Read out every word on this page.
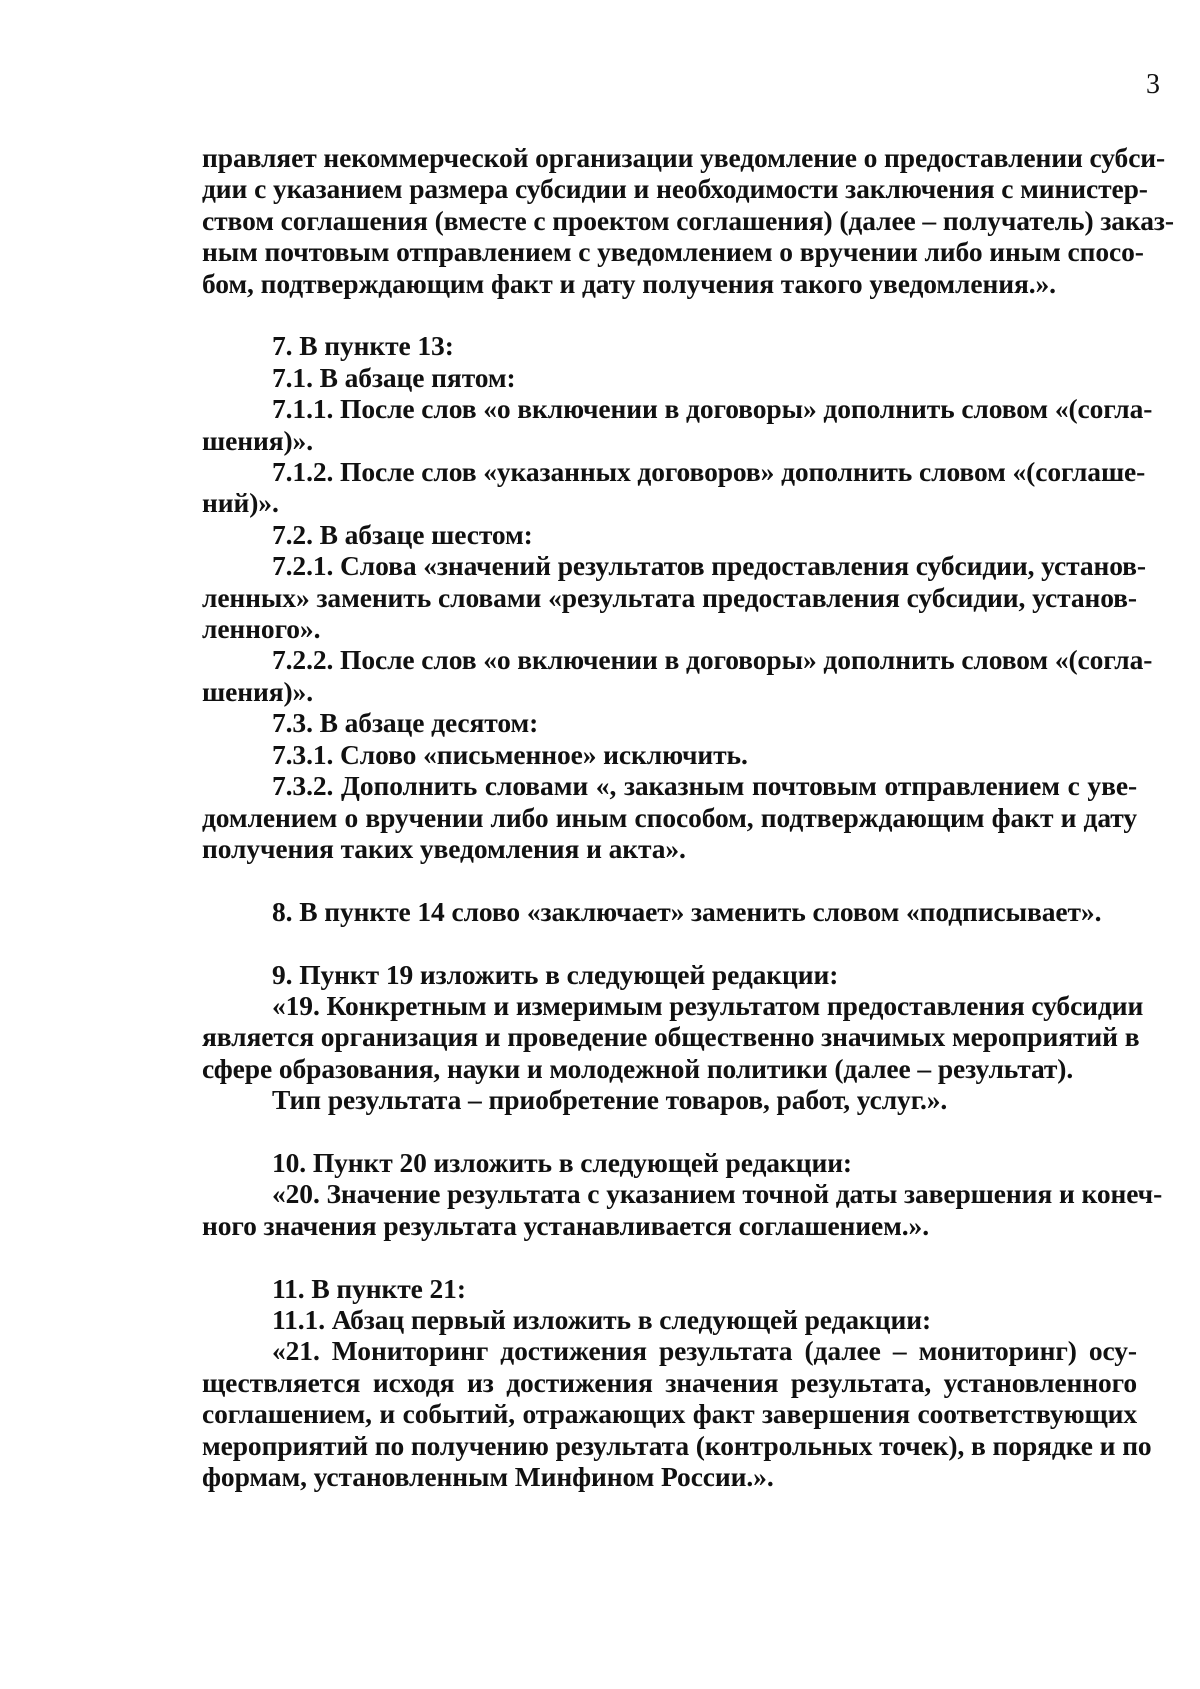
3
правляет некоммерческой организации уведомление о предоставлении субси-
дии с указанием размера субсидии и необходимости заключения с министер-
ством соглашения (вместе с проектом соглашения) (далее – получатель) заказ-
ным почтовым отправлением с уведомлением о вручении либо иным спосо-
бом, подтверждающим факт и дату получения такого уведомления.».
7. В пункте 13:
7.1. В абзаце пятом:
7.1.1. После слов «о включении в договоры» дополнить словом «(согла-
шения)».
7.1.2. После слов «указанных договоров» дополнить словом «(соглаше-
ний)».
7.2. В абзаце шестом:
7.2.1. Слова «значений результатов предоставления субсидии, установ-
ленных» заменить словами «результата предоставления субсидии, установ-
ленного».
7.2.2. После слов «о включении в договоры» дополнить словом «(согла-
шения)».
7.3. В абзаце десятом:
7.3.1. Слово «письменное» исключить.
7.3.2. Дополнить словами «, заказным почтовым отправлением с уве-
домлением о вручении либо иным способом, подтверждающим факт и дату
получения таких уведомления и акта».
8. В пункте 14 слово «заключает» заменить словом «подписывает».
9. Пункт 19 изложить в следующей редакции:
«19. Конкретным и измеримым результатом предоставления субсидии
является организация и проведение общественно значимых мероприятий в
сфере образования, науки и молодежной политики (далее – результат).
Тип результата – приобретение товаров, работ, услуг.».
10. Пункт 20 изложить в следующей редакции:
«20. Значение результата с указанием точной даты завершения и конеч-
ного значения результата устанавливается соглашением.».
11. В пункте 21:
11.1. Абзац первый изложить в следующей редакции:
«21. Мониторинг достижения результата (далее – мониторинг) осу-
ществляется исходя из достижения значения результата, установленного
соглашением, и событий, отражающих факт завершения соответствующих
мероприятий по получению результата (контрольных точек), в порядке и по
формам, установленным Минфином России.».
